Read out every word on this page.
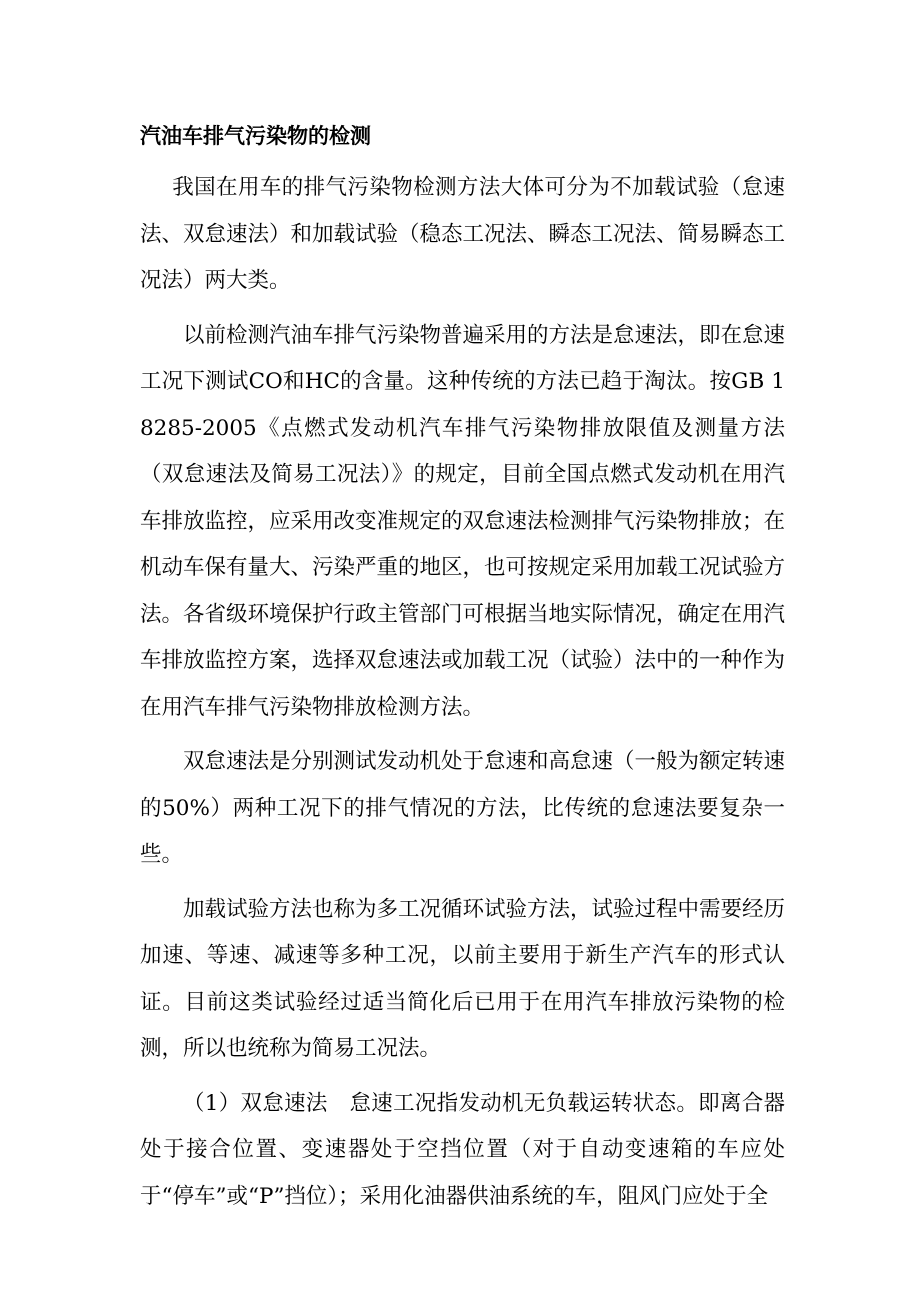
汽油车排气污染物的检测

我国在用车的排气污染物检测方法大体可分为不加载试验（怠速法、双怠速法）和加载试验（稳态工况法、瞬态工况法、简易瞬态工况法）两大类。

以前检测汽油车排气污染物普遍采用的方法是怠速法，即在怠速工况下测试CO和HC的含量。这种传统的方法已趋于淘汰。按GB 18285-2005《点燃式发动机汽车排气污染物排放限值及测量方法（双怠速法及简易工况法）》的规定，目前全国点燃式发动机在用汽车排放监控，应采用改变准规定的双怠速法检测排气污染物排放；在机动车保有量大、污染严重的地区，也可按规定采用加载工况试验方法。各省级环境保护行政主管部门可根据当地实际情况，确定在用汽车排放监控方案，选择双怠速法或加载工况（试验）法中的一种作为在用汽车排气污染物排放检测方法。

双怠速法是分别测试发动机处于怠速和高怠速（一般为额定转速的50%）两种工况下的排气情况的方法，比传统的怠速法要复杂一些。

加载试验方法也称为多工况循环试验方法，试验过程中需要经历加速、等速、减速等多种工况，以前主要用于新生产汽车的形式认证。目前这类试验经过适当简化后已用于在用汽车排放污染物的检测，所以也统称为简易工况法。

（1）双怠速法　怠速工况指发动机无负载运转状态。即离合器处于接合位置、变速器处于空挡位置（对于自动变速箱的车应处于“停车”或“P”挡位）；采用化油器供油系统的车，阻风门应处于全
